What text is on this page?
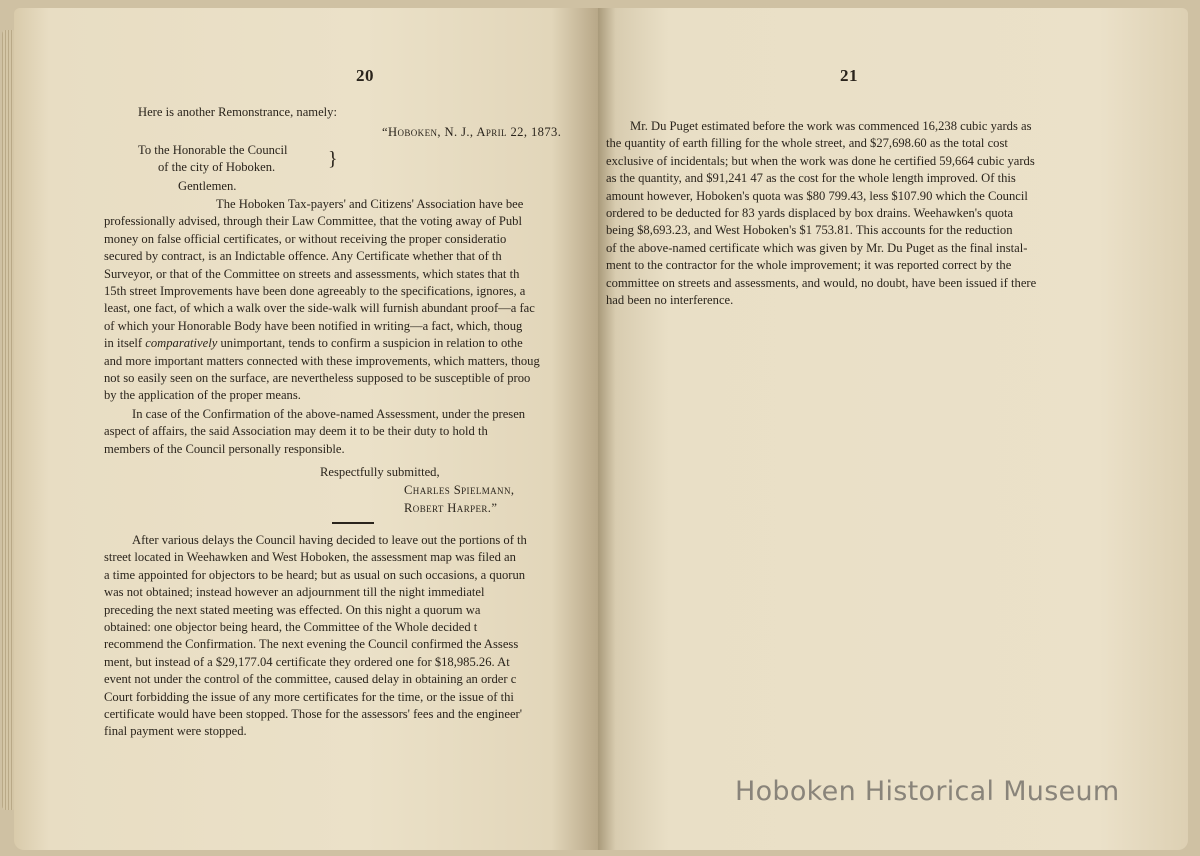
20
Here is another Remonstrance, namely:
“Hoboken, N. J., April 22, 1873.
To the Honorable the Council
of the city of Hoboken.	}
Gentlemen.
The Hoboken Tax-payers' and Citizens' Association have bee
professionally advised, through their Law Committee, that the voting away of Publ
money on false official certificates, or without receiving the proper consideratio
secured by contract, is an Indictable offence. Any Certificate whether that of th
Surveyor, or that of the Committee on streets and assessments, which states that th
15th street Improvements have been done agreeably to the specifications, ignores, a
least, one fact, of which a walk over the side-walk will furnish abundant proof—a fac
of which your Honorable Body have been notified in writing—a fact, which, thoug
in itself comparatively unimportant, tends to confirm a suspicion in relation to othe
and more important matters connected with these improvements, which matters, thoug
not so easily seen on the surface, are nevertheless supposed to be susceptible of proo
by the application of the proper means.
In case of the Confirmation of the above-named Assessment, under the presen
aspect of affairs, the said Association may deem it to be their duty to hold th
members of the Council personally responsible.
Respectfully submitted,
Charles Spielmann,
Robert Harper.”
After various delays the Council having decided to leave out the portions of th
street located in Weehawken and West Hoboken, the assessment map was filed an
a time appointed for objectors to be heard; but as usual on such occasions, a quorun
was not obtained; instead however an adjournment till the night immediatel
preceding the next stated meeting was effected. On this night a quorum wa
obtained: one objector being heard, the Committee of the Whole decided t
recommend the Confirmation. The next evening the Council confirmed the Assess
ment, but instead of a $29,177.04 certificate they ordered one for $18,985.26. At
event not under the control of the committee, caused delay in obtaining an order c
Court forbidding the issue of any more certificates for the time, or the issue of thi
certificate would have been stopped. Those for the assessors' fees and the engineer'
final payment were stopped.
21
Mr. Du Puget estimated before the work was commenced 16,238 cubic yards as
the quantity of earth filling for the whole street, and $27,698.60 as the total cost
exclusive of incidentals; but when the work was done he certified 59,664 cubic yards
as the quantity, and $91,241 47 as the cost for the whole length improved. Of this
amount however, Hoboken's quota was $80 799.43, less $107.90 which the Council
ordered to be deducted for 83 yards displaced by box drains. Weehawken's quota
being $8,693.23, and West Hoboken's $1 753.81. This accounts for the reduction
of the above-named certificate which was given by Mr. Du Puget as the final instal-
ment to the contractor for the whole improvement; it was reported correct by the
committee on streets and assessments, and would, no doubt, have been issued if there
had been no interference.
Hoboken Historical Museum
